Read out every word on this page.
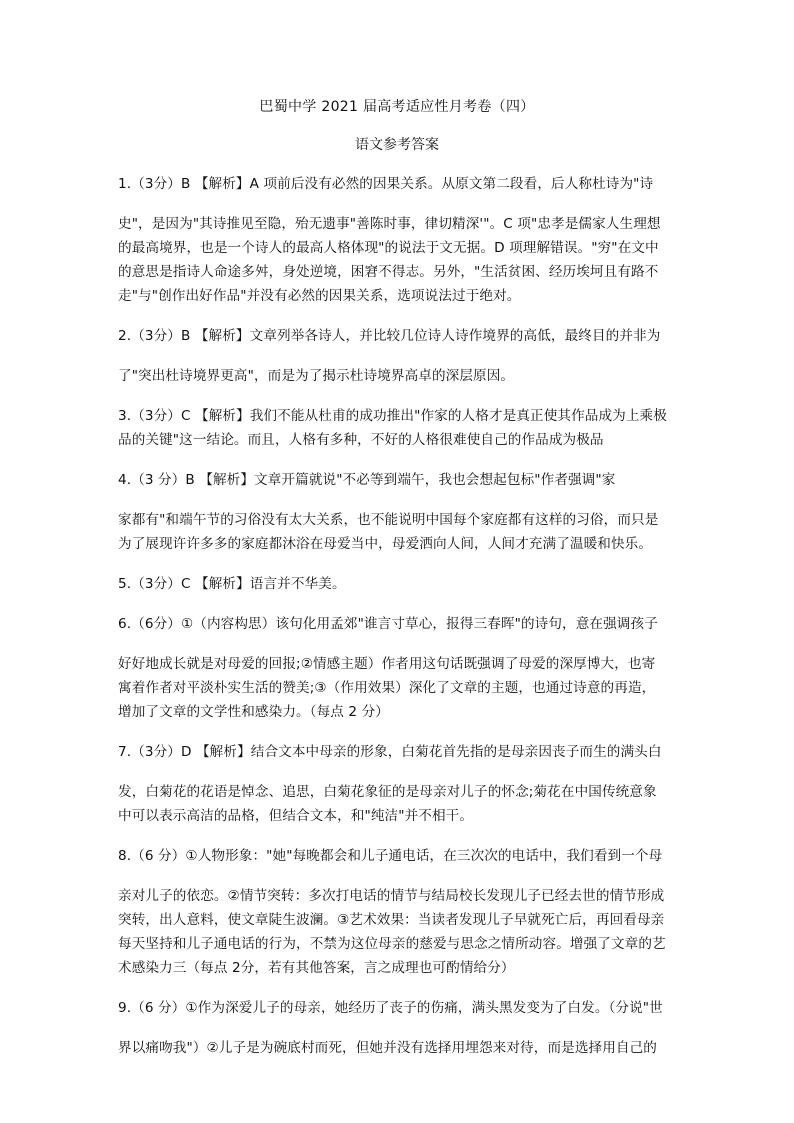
巴蜀中学 2021 届高考适应性月考卷（四）
语文参考答案
1.（3分）B 【解析】A 项前后没有必然的因果关系。从原文第二段看，后人称杜诗为"诗
史"，是因为"其诗推见至隐，殆无遗事"善陈时事，律切精深'"。C 项"忠孝是儒家人生理想
的最高境界，也是一个诗人的最高人格体现"的说法于文无据。D 项理解错误。"穷"在文中
的意思是指诗人命途多舛，身处逆境，困窘不得志。另外，"生活贫困、经历埃坷且有路不
走"与"创作出好作品"并没有必然的因果关系，选项说法过于绝对。
2.（3分）B 【解析】文章列举各诗人，并比较几位诗人诗作境界的高低，最终目的并非为
了"突出杜诗境界更高"，而是为了揭示杜诗境界高卓的深层原因。
3.（3分）C 【解析】我们不能从杜甫的成功推出"作家的人格才是真正使其作品成为上乘极
品的关键"这一结论。而且，人格有多种，不好的人格很难使自己的作品成为极品
4.（3 分）B 【解析】文章开篇就说"不必等到端午，我也会想起包标"作者强调"家
家都有"和端午节的习俗没有太大关系，也不能说明中国每个家庭都有这样的习俗，而只是
为了展现许许多多的家庭都沐浴在母爱当中，母爱洒向人间，人间才充满了温暖和快乐。
5.（3分）C 【解析】语言并不华美。
6.（6分）①（内容构思）该句化用孟郊"谁言寸草心，报得三春晖"的诗句，意在强调孩子
好好地成长就是对母爱的回报;②情感主题）作者用这句话既强调了母爱的深厚博大，也寄
寓着作者对平淡朴实生活的赞美;③（作用效果）深化了文章的主题，也通过诗意的再造，
增加了文章的文学性和感染力。（每点 2 分）
7.（3分）D 【解析】结合文本中母亲的形象，白菊花首先指的是母亲因丧子而生的满头白
发，白菊花的花语是悼念、追思，白菊花象征的是母亲对儿子的怀念;菊花在中国传统意象
中可以表示高洁的品格，但结合文本，和"纯洁"并不相干。
8.（6 分）①人物形象："她"每晚都会和儿子通电话，在三次次的电话中，我们看到一个母
亲对儿子的依恋。②情节突转：多次打电话的情节与结局校长发现儿子已经去世的情节形成
突转，出人意料，使文章陡生波澜。③艺术效果：当读者发现儿子早就死亡后，再回看母亲
每天坚持和儿子通电话的行为，不禁为这位母亲的慈爱与思念之情所动容。增强了文章的艺
术感染力三（每点 2分，若有其他答案，言之成理也可酌情给分）
9.（6 分）①作为深爱儿子的母亲，她经历了丧子的伤痛，满头黑发变为了白发。（分说"世
界以痛吻我"）②儿子是为碗底村而死，但她并没有选择用埋怨来对待，而是选择用自己的
